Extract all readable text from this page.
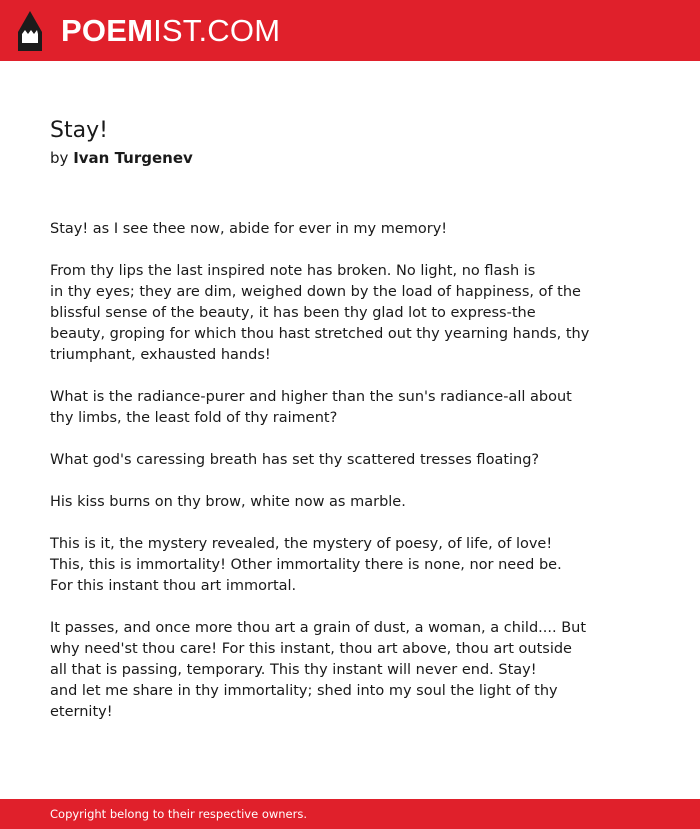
POEMIST.COM
Stay!
by Ivan Turgenev

Stay! as I see thee now, abide for ever in my memory!

From thy lips the last inspired note has broken. No light, no flash is
in thy eyes; they are dim, weighed down by the load of happiness, of the
blissful sense of the beauty, it has been thy glad lot to express-the
beauty, groping for which thou hast stretched out thy yearning hands, thy
triumphant, exhausted hands!

What is the radiance-purer and higher than the sun's radiance-all about
thy limbs, the least fold of thy raiment?

What god's caressing breath has set thy scattered tresses floating?

His kiss burns on thy brow, white now as marble.

This is it, the mystery revealed, the mystery of poesy, of life, of love!
This, this is immortality! Other immortality there is none, nor need be.
For this instant thou art immortal.

It passes, and once more thou art a grain of dust, a woman, a child.... But
why need'st thou care! For this instant, thou art above, thou art outside
all that is passing, temporary. This thy instant will never end. Stay!
and let me share in thy immortality; shed into my soul the light of thy
eternity!

Copyright belong to their respective owners.
